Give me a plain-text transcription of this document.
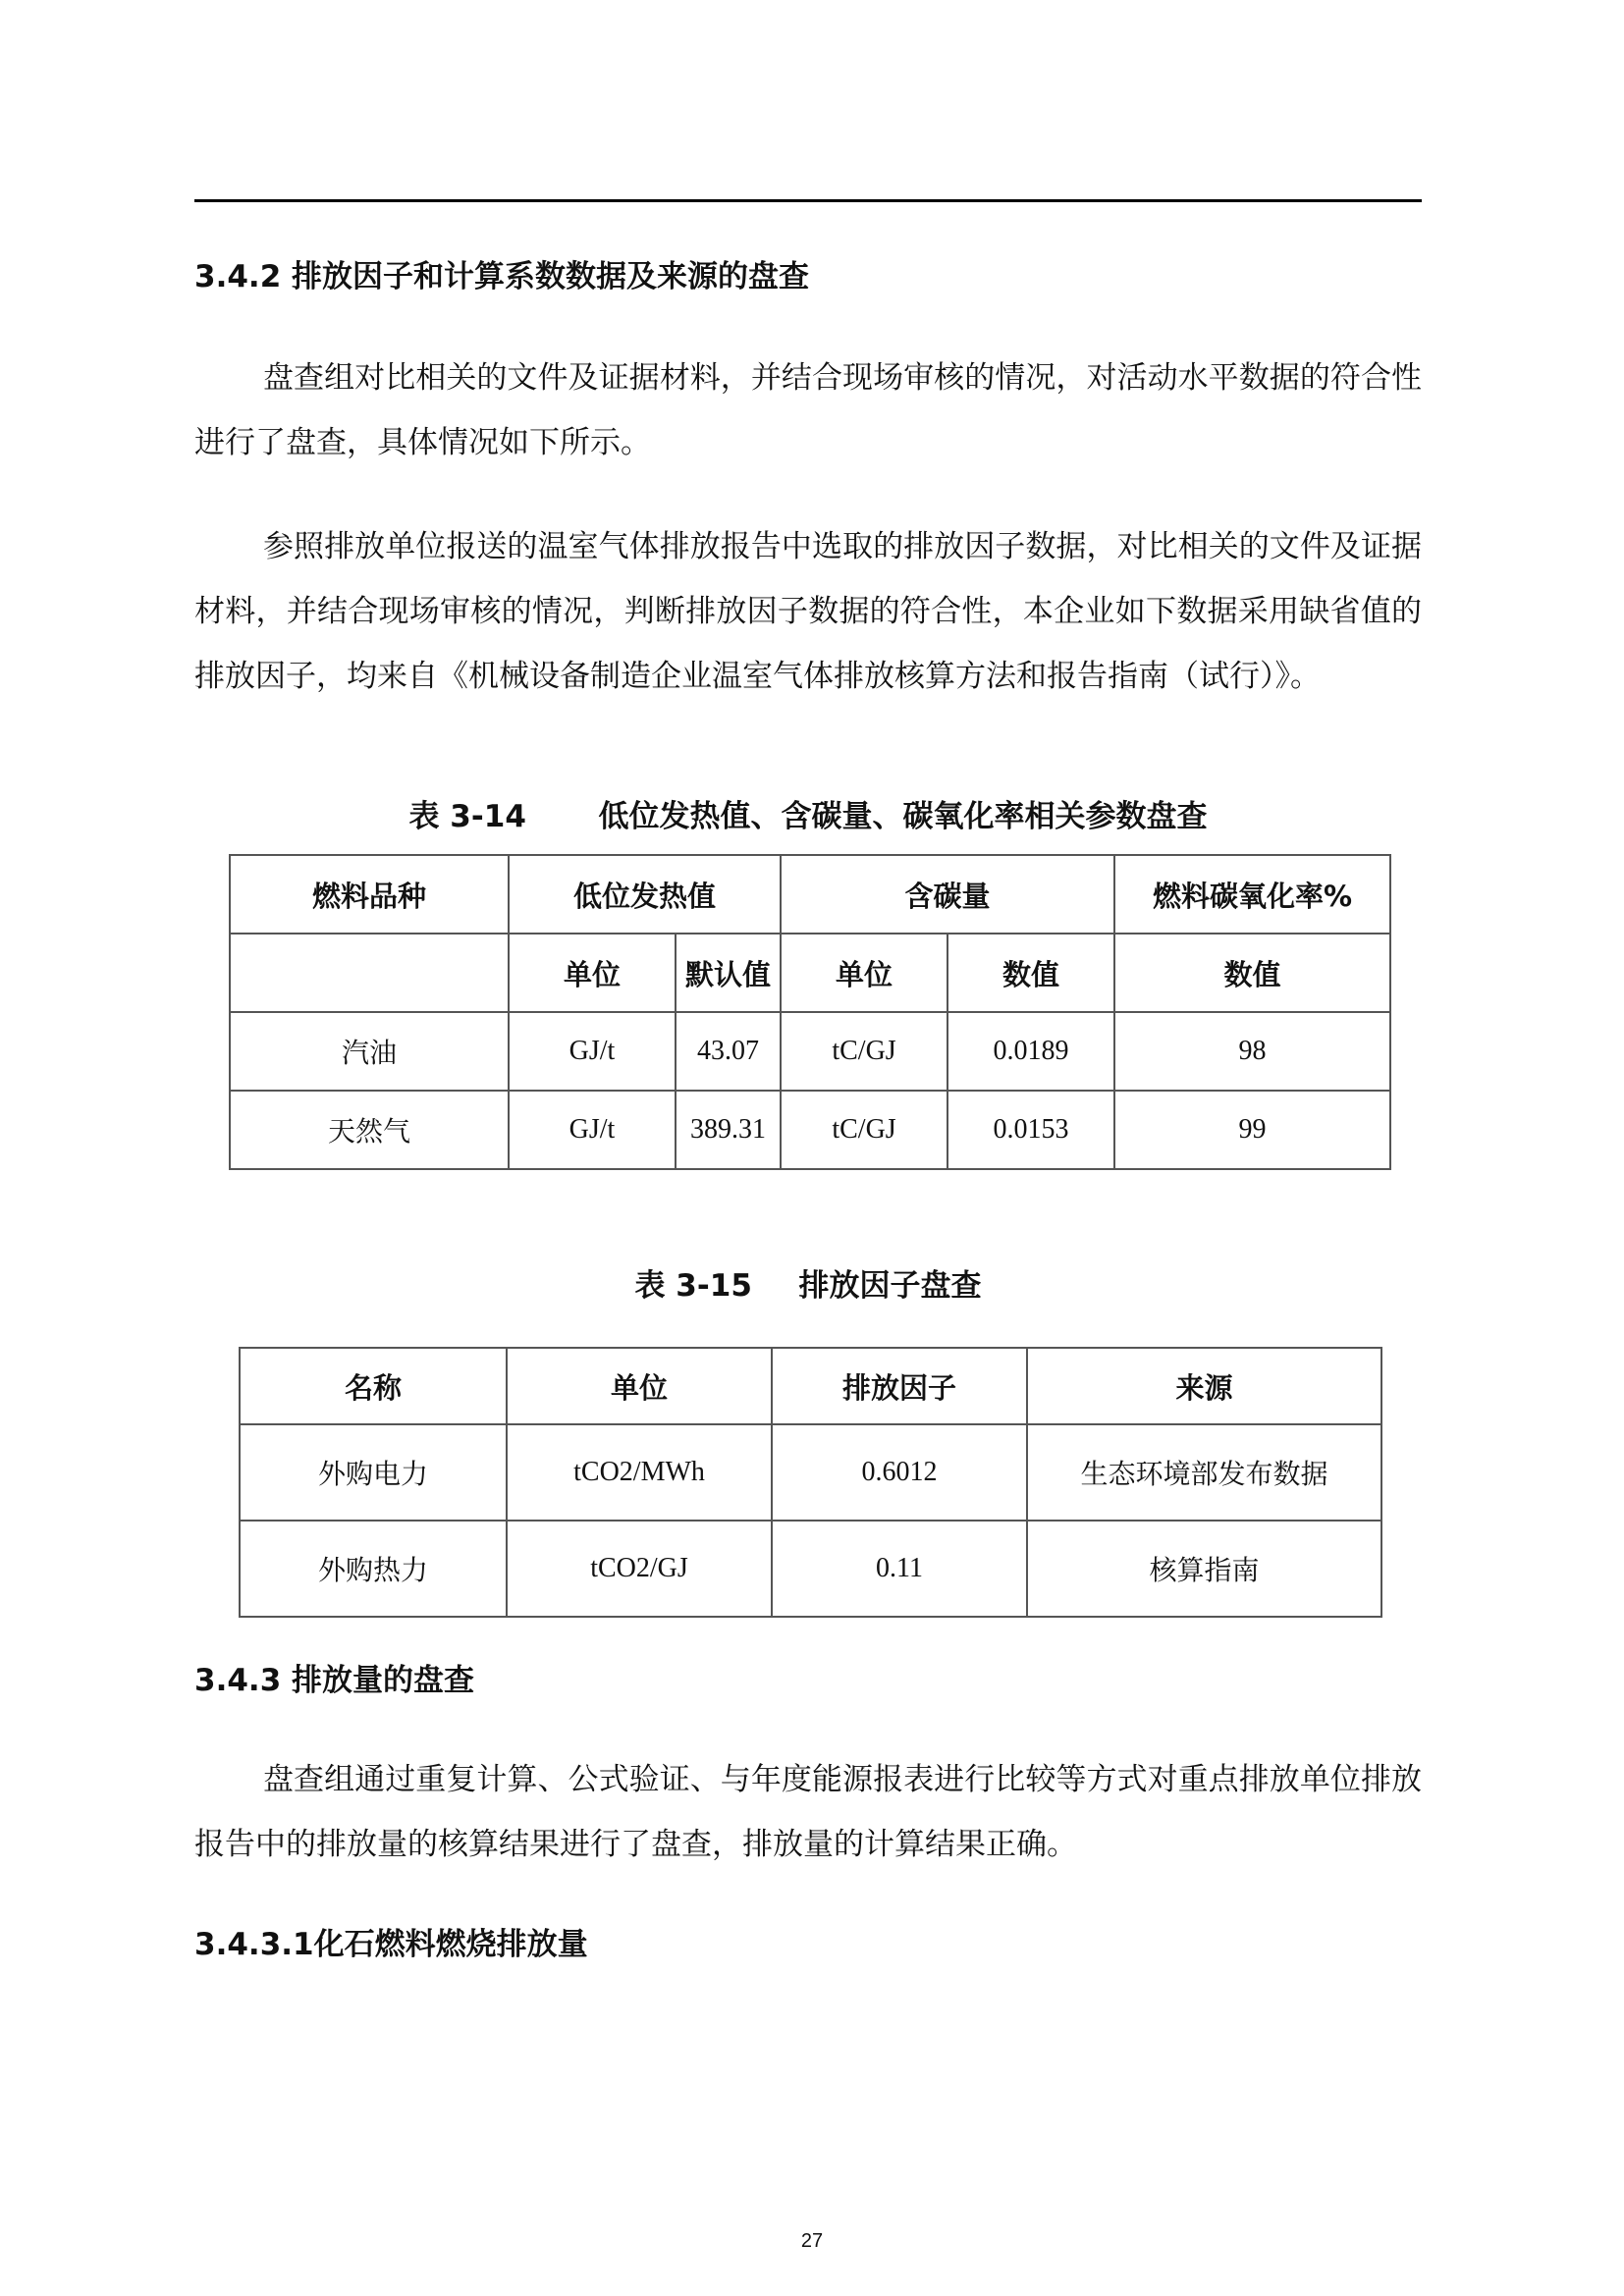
3.4.2 排放因子和计算系数数据及来源的盘查

盘查组对比相关的文件及证据材料，并结合现场审核的情况，对活动水平数据的符合性进行了盘查，具体情况如下所示。

参照排放单位报送的温室气体排放报告中选取的排放因子数据，对比相关的文件及证据材料，并结合现场审核的情况，判断排放因子数据的符合性，本企业如下数据采用缺省值的排放因子，均来自《机械设备制造企业温室气体排放核算方法和报告指南（试行）》。

表 3-14 低位发热值、含碳量、碳氧化率相关参数盘查
燃料品种	低位发热值		含碳量		燃料碳氧化率%
	单位	默认值	单位	数值	数值
汽油	GJ/t	43.07	tC/GJ	0.0189	98
天然气	GJ/t	389.31	tC/GJ	0.0153	99
表 3-15 排放因子盘查
名称	单位	排放因子	来源
外购电力	tCO2/MWh	0.6012	生态环境部发布数据
外购热力	tCO2/GJ	0.11	核算指南
3.4.3 排放量的盘查

盘查组通过重复计算、公式验证、与年度能源报表进行比较等方式对重点排放单位排放报告中的排放量的核算结果进行了盘查，排放量的计算结果正确。

3.4.3.1化石燃料燃烧排放量
27
